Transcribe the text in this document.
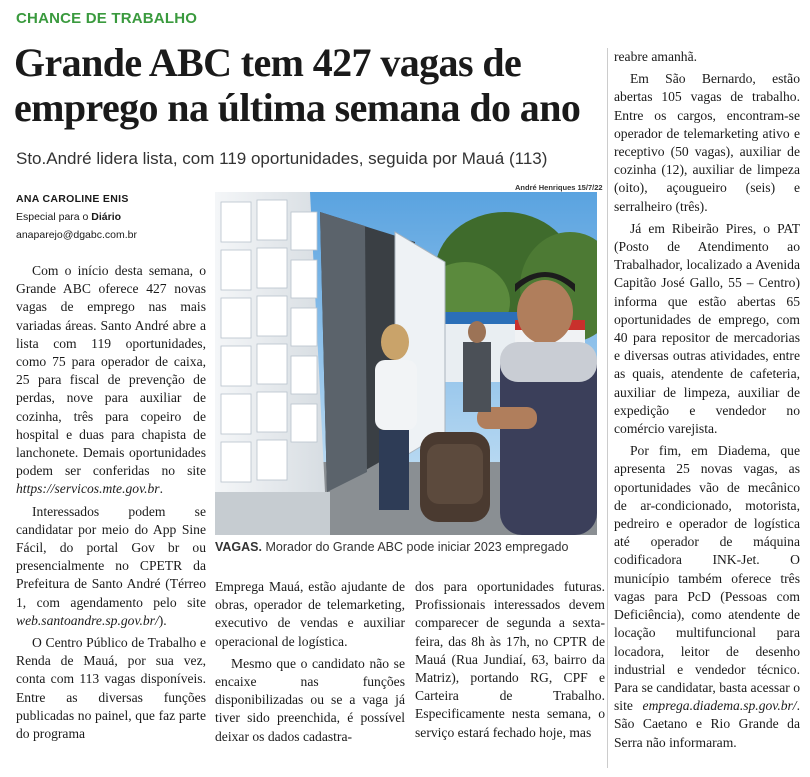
CHANCE DE TRABALHO
Grande ABC tem 427 vagas de emprego na última semana do ano
Sto.André lidera lista, com 119 oportunidades, seguida por Mauá (113)
ANA CAROLINE ENIS
Especial para o Diário
anaparejo@dgabc.com.br

Com o início desta semana, o Grande ABC oferece 427 novas vagas de emprego nas mais variadas áreas. Santo André abre a lista com 119 oportunidades, como 75 para operador de caixa, 25 para fiscal de prevenção de perdas, nove para auxiliar de cozinha, três para copeiro de hospital e duas para chapista de lanchonete. Demais oportunidades podem ser conferidas no site https://servicos.mte.gov.br.

Interessados podem se candidatar por meio do App Sine Fácil, do portal Gov br ou presencialmente no CPETR da Prefeitura de Santo André (Térreo 1, com agendamento pelo site web.santoandre.sp.gov.br/).

O Centro Público de Trabalho e Renda de Mauá, por sua vez, conta com 113 vagas disponíveis. Entre as diversas funções publicadas no painel, que faz parte do programa

André Henriques 15/7/22
VAGAS. Morador do Grande ABC pode iniciar 2023 empregado

Emprega Mauá, estão ajudante de obras, operador de telemarketing, executivo de vendas e auxiliar operacional de logística.

Mesmo que o candidato não se encaixe nas funções disponibilizadas ou se a vaga já tiver sido preenchida, é possível deixar os dados cadastra-

dos para oportunidades futuras. Profissionais interessados devem comparecer de segunda a sexta-feira, das 8h às 17h, no CPTR de Mauá (Rua Jundiaí, 63, bairro da Matriz), portando RG, CPF e Carteira de Trabalho. Especificamente nesta semana, o serviço estará fechado hoje, mas

reabre amanhã.

Em São Bernardo, estão abertas 105 vagas de trabalho. Entre os cargos, encontram-se operador de telemarketing ativo e receptivo (50 vagas), auxiliar de cozinha (12), auxiliar de limpeza (oito), açougueiro (seis) e serralheiro (três).

Já em Ribeirão Pires, o PAT (Posto de Atendimento ao Trabalhador, localizado a Avenida Capitão José Gallo, 55 – Centro) informa que estão abertas 65 oportunidades de emprego, com 40 para repositor de mercadorias e diversas outras atividades, entre as quais, atendente de cafeteria, auxiliar de limpeza, auxiliar de expedição e vendedor no comércio varejista.

Por fim, em Diadema, que apresenta 25 novas vagas, as oportunidades vão de mecânico de ar-condicionado, motorista, pedreiro e operador de logística até operador de máquina codificadora INK-Jet. O município também oferece três vagas para PcD (Pessoas com Deficiência), como atendente de locação multifuncional para locadora, leitor de desenho industrial e vendedor técnico. Para se candidatar, basta acessar o site emprega.diadema.sp.gov.br/. São Caetano e Rio Grande da Serra não informaram.
